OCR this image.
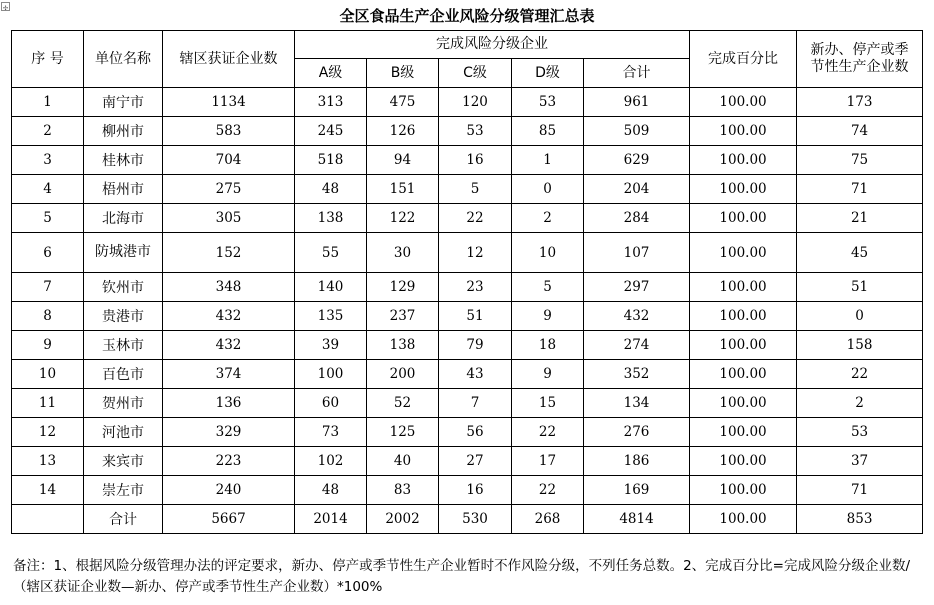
✣	全区食品生产企业风险分级管理汇总表
序 号	单位名称	辖区获证企业数	完成风险分级企业					完成百分比	新办、停产或季节性生产企业数
			A级	B级	C级	D级	合计		
1	南宁市	1134	313	475	120	53	961	100.00	173
2	柳州市	583	245	126	53	85	509	100.00	74
3	桂林市	704	518	94	16	1	629	100.00	75
4	梧州市	275	48	151	5	0	204	100.00	71
5	北海市	305	138	122	22	2	284	100.00	21
6	防城港市	152	55	30	12	10	107	100.00	45
7	钦州市	348	140	129	23	5	297	100.00	51
8	贵港市	432	135	237	51	9	432	100.00	0
9	玉林市	432	39	138	79	18	274	100.00	158
10	百色市	374	100	200	43	9	352	100.00	22
11	贺州市	136	60	52	7	15	134	100.00	2
12	河池市	329	73	125	56	22	276	100.00	53
13	来宾市	223	102	40	27	17	186	100.00	37
14	崇左市	240	48	83	16	22	169	100.00	71
	合计	5667	2014	2002	530	268	4814	100.00	853
备注：1、根据风险分级管理办法的评定要求，新办、停产或季节性生产企业暂时不作风险分级，不列任务总数。2、完成百分比=完成风险分级企业数/（辖区获证企业数—新办、停产或季节性生产企业数）*100%
